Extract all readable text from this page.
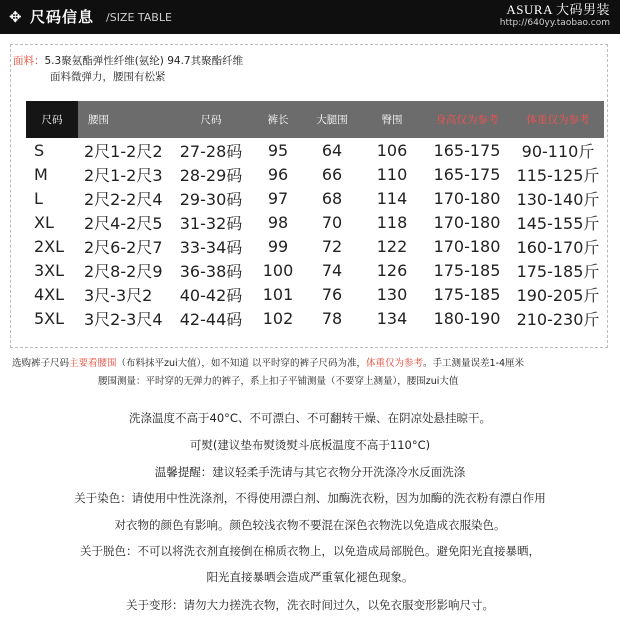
✥ 尺码信息 /SIZE TABLE
ASURA 大码男装
http://640yy.taobao.com
面料：5.3聚氨酯弹性纤维(氨纶) 94.7其聚酯纤维
面料微弹力，腰围有松紧
尺码	腰围	尺码	裤长	大腿围	臀围	身高仅为参考	体重仅为参考
S	2尺1-2尺2	27-28码	95	64	106	165-175	90-110斤
M	2尺1-2尺3	28-29码	96	66	110	165-175	115-125斤
L	2尺2-2尺4	29-30码	97	68	114	170-180	130-140斤
XL	2尺4-2尺5	31-32码	98	70	118	170-180	145-155斤
2XL	2尺6-2尺7	33-34码	99	72	122	170-180	160-170斤
3XL	2尺8-2尺9	36-38码	100	74	126	175-185	175-185斤
4XL	3尺-3尺2	40-42码	101	76	130	175-185	190-205斤
5XL	3尺2-3尺4	42-44码	102	78	134	180-190	210-230斤
选购裤子尺码主要看腰围（布料抹平zui大值），如不知道 以平时穿的裤子尺码为准，体重仅为参考。手工测量误差1-4厘米
腰围测量：平时穿的无弹力的裤子，系上扣子平铺测量（不要穿上测量），腰围zui大值
洗涤温度不高于40°C、不可漂白、不可翻转干燥、在阴凉处悬挂晾干。
可熨(建议垫布熨烫熨斗底板温度不高于110°C)
温馨提醒：建议轻柔手洗请与其它衣物分开洗涤冷水反面洗涤
关于染色：请使用中性洗涤剂，不得使用漂白剂、加酶洗衣粉，因为加酶的洗衣粉有漂白作用
对衣物的颜色有影响。颜色较浅衣物不要混在深色衣物洗以免造成衣服染色。
关于脱色：不可以将洗衣剂直接倒在棉质衣物上，以免造成局部脱色。避免阳光直接暴晒，
阳光直接暴晒会造成严重氧化褪色现象。
关于变形：请勿大力搓洗衣物，洗衣时间过久，以免衣服变形影响尺寸。
